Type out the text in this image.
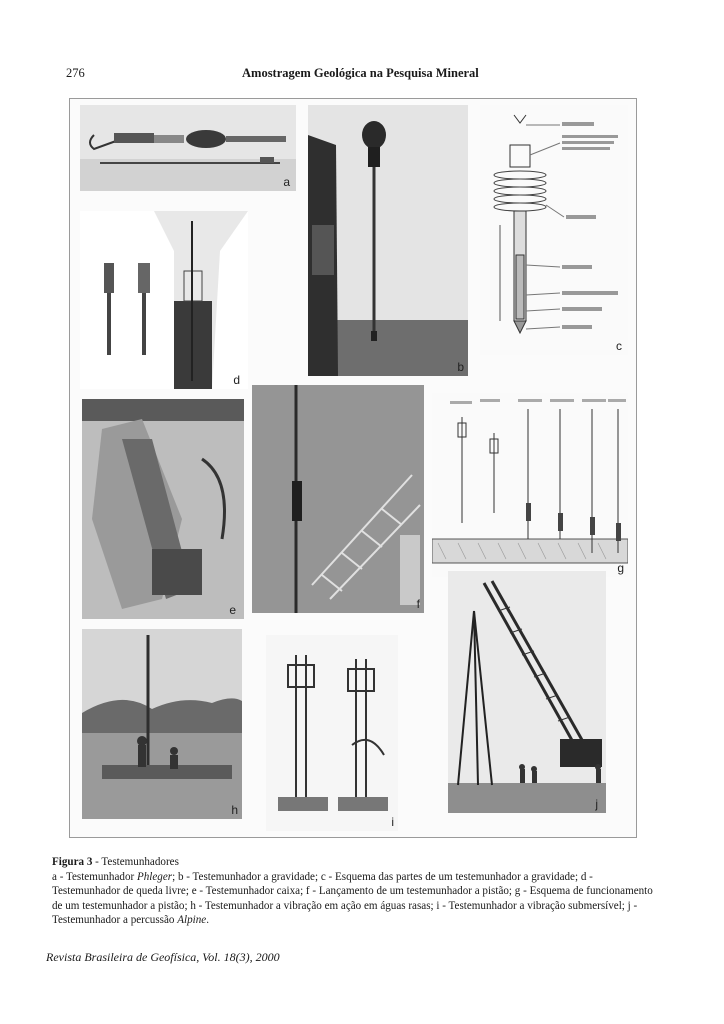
276	Amostragem Geológica na Pesquisa Mineral
a
b
c
d
e	f
g
h
i
j
Figura 3 - Testemunhadores
a - Testemunhador Phleger; b - Testemunhador a gravidade; c - Esquema das partes de um testemunhador a gravidade; d -
Testemunhador de queda livre; e - Testemunhador caixa; f - Lançamento de um testemunhador a pistão; g - Esquema de funcionamento
de um testemunhador a pistão; h - Testemunhador a vibração em ação em águas rasas; i - Testemunhador a vibração submersível; j -
Testemunhador a percussão Alpine.
Revista Brasileira de Geofísica, Vol. 18(3), 2000
